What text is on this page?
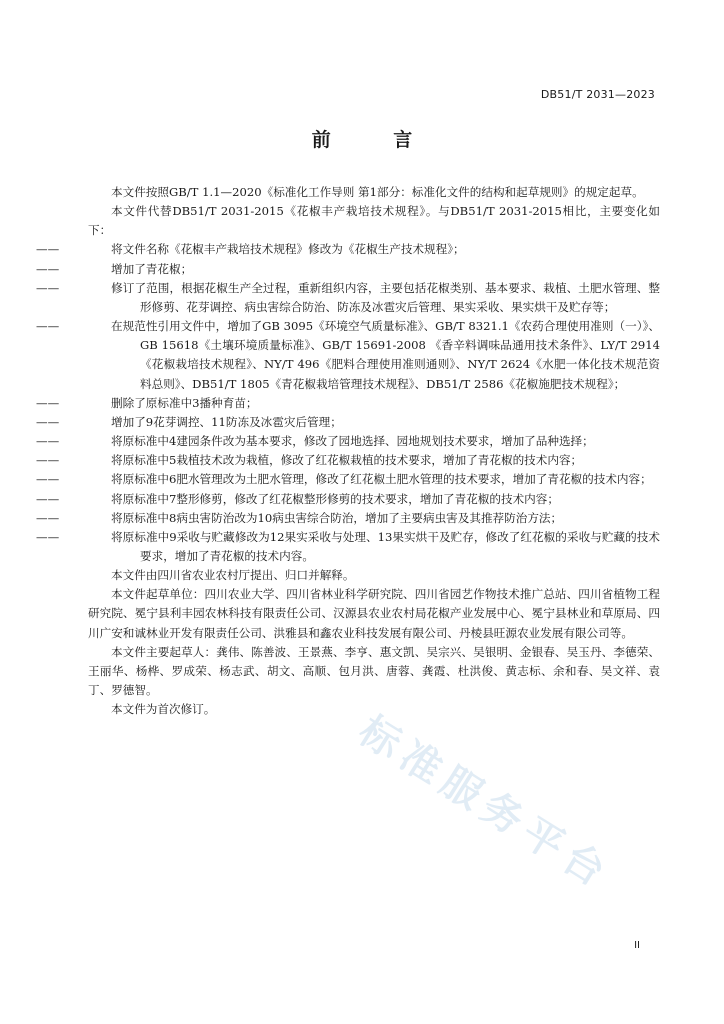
DB51/T 2031—2023
前 言

本文件按照GB/T 1.1—2020《标准化工作导则 第1部分：标准化文件的结构和起草规则》的规定起草。

本文件代替DB51/T 2031-2015《花椒丰产栽培技术规程》。与DB51/T 2031-2015相比，主要变化如下：

——	将文件名称《花椒丰产栽培技术规程》修改为《花椒生产技术规程》；

——	增加了青花椒；

——	修订了范围，根据花椒生产全过程，重新组织内容，主要包括花椒类别、基本要求、栽植、土肥水管理、整形修剪、花芽调控、病虫害综合防治、防冻及冰雹灾后管理、果实采收、果实烘干及贮存等；

——	在规范性引用文件中，增加了GB 3095《环境空气质量标准》、GB/T 8321.1《农药合理使用准则（一）》、GB 15618《土壤环境质量标准》、GB/T 15691-2008 《香辛料调味品通用技术条件》、LY/T 2914《花椒栽培技术规程》、NY/T 496《肥料合理使用准则通则》、NY/T 2624《水肥一体化技术规范资料总则》、DB51/T 1805《青花椒栽培管理技术规程》、DB51/T 2586《花椒施肥技术规程》；

——	删除了原标准中3播种育苗；

——	增加了9花芽调控、11防冻及冰雹灾后管理；

——	将原标准中4建园条件改为基本要求，修改了园地选择、园地规划技术要求，增加了品种选择；

——	将原标准中5栽植技术改为栽植，修改了红花椒栽植的技术要求，增加了青花椒的技术内容；

——	将原标准中6肥水管理改为土肥水管理，修改了红花椒土肥水管理的技术要求，增加了青花椒的技术内容；

——	将原标准中7整形修剪，修改了红花椒整形修剪的技术要求，增加了青花椒的技术内容；

——	将原标准中8病虫害防治改为10病虫害综合防治，增加了主要病虫害及其推荐防治方法；

——	将原标准中9采收与贮藏修改为12果实采收与处理、13果实烘干及贮存，修改了红花椒的采收与贮藏的技术要求，增加了青花椒的技术内容。

本文件由四川省农业农村厅提出、归口并解释。

本文件起草单位：四川农业大学、四川省林业科学研究院、四川省园艺作物技术推广总站、四川省植物工程研究院、冕宁县利丰园农林科技有限责任公司、汉源县农业农村局花椒产业发展中心、冕宁县林业和草原局、四川广安和诚林业开发有限责任公司、洪雅县和鑫农业科技发展有限公司、丹棱县旺源农业发展有限公司等。

本文件主要起草人：龚伟、陈善波、王景燕、李亨、惠文凯、吴宗兴、吴银明、金银春、吴玉丹、李德荣、王丽华、杨桦、罗成荣、杨志武、胡文、高顺、包月洪、唐蓉、龚霞、杜洪俊、黄志标、余和春、吴文祥、袁丁、罗德智。

本文件为首次修订。	标准服务平台
II
